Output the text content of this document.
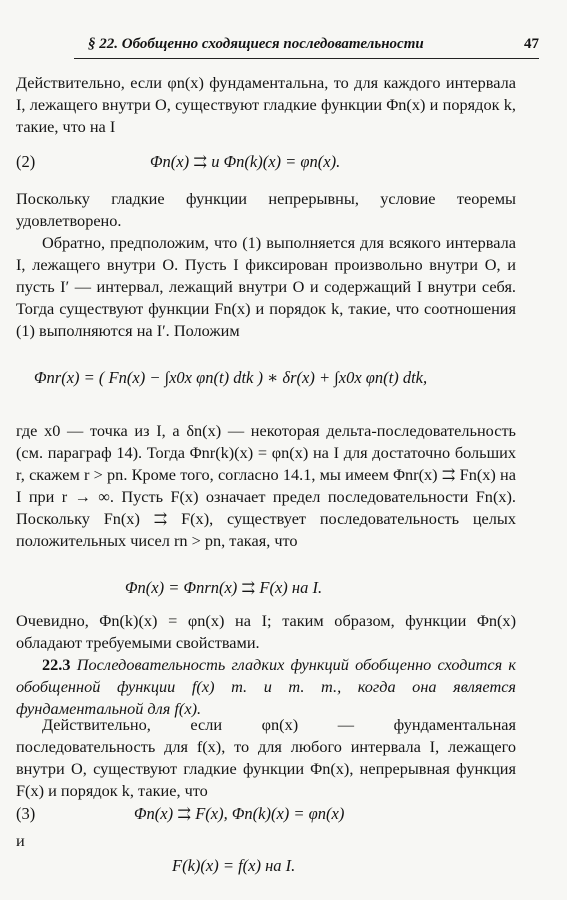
§ 22. Обобщенно сходящиеся последовательности	47
Действительно, если φn(x) фундаментальна, то для каждого интервала I, лежащего внутри O, существуют гладкие функции Φn(x) и порядок k, такие, что на I
(2)	Φn(x) ⇉ и Φn(k)(x) = φn(x).
Поскольку гладкие функции непрерывны, условие теоремы удовлетворено.
Обратно, предположим, что (1) выполняется для всякого интервала I, лежащего внутри O. Пусть I фиксирован произвольно внутри O, и пусть I′ — интервал, лежащий внутри O и содержащий I внутри себя. Тогда существуют функции Fn(x) и порядок k, такие, что соотношения (1) выполняются на I′. Положим
Φnr(x) = ( Fn(x) − ∫x0x φn(t) dtk ) ∗ δr(x) + ∫x0x φn(t) dtk,
где x0 — точка из I, а δn(x) — некоторая дельта-последовательность (см. параграф 14). Тогда Φnr(k)(x) = φn(x) на I для достаточно больших r, скажем r > pn. Кроме того, согласно 14.1, мы имеем Φnr(x) ⇉ Fn(x) на I при r → ∞. Пусть F(x) означает предел последовательности Fn(x). Поскольку Fn(x) ⇉ F(x), существует последовательность целых положительных чисел rn > pn, такая, что
Φn(x) = Φnrn(x) ⇉ F(x) на I.
Очевидно, Φn(k)(x) = φn(x) на I; таким образом, функции Φn(x) обладают требуемыми свойствами.
22.3 Последовательность гладких функций обобщенно сходится к обобщенной функции f(x) т. и т. т., когда она является фундаментальной для f(x).
Действительно, если φn(x) — фундаментальная последовательность для f(x), то для любого интервала I, лежащего внутри O, существуют гладкие функции Φn(x), непрерывная функция F(x) и порядок k, такие, что
(3)	Φn(x) ⇉ F(x), Φn(k)(x) = φn(x)
и
F(k)(x) = f(x) на I.
